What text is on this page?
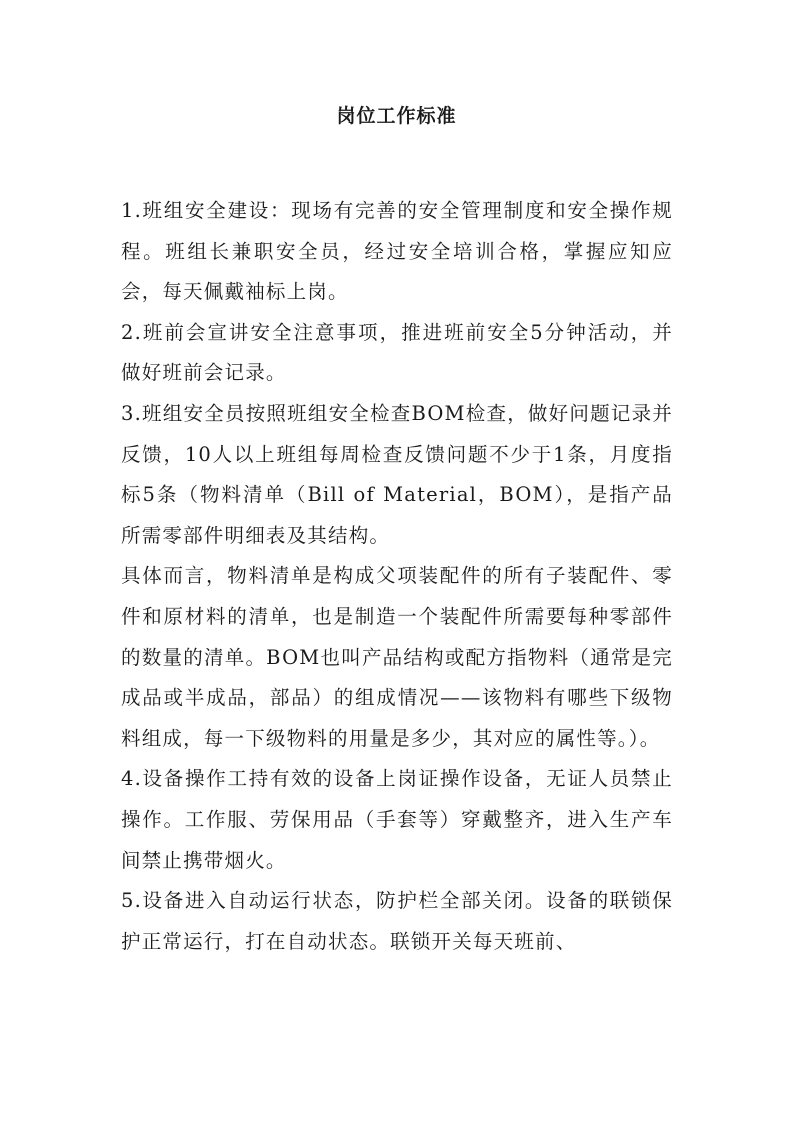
岗位工作标准

1.班组安全建设：现场有完善的安全管理制度和安全操作规程。班组长兼职安全员，经过安全培训合格，掌握应知应会，每天佩戴袖标上岗。

2.班前会宣讲安全注意事项，推进班前安全5分钟活动，并做好班前会记录。

3.班组安全员按照班组安全检查BOM检查，做好问题记录并反馈，10人以上班组每周检查反馈问题不少于1条，月度指标5条（物料清单（Bill of Material，BOM），是指产品所需零部件明细表及其结构。

具体而言，物料清单是构成父项装配件的所有子装配件、零件和原材料的清单，也是制造一个装配件所需要每种零部件的数量的清单。BOM也叫产品结构或配方指物料（通常是完成品或半成品，部品）的组成情况——该物料有哪些下级物料组成，每一下级物料的用量是多少，其对应的属性等。）。

4.设备操作工持有效的设备上岗证操作设备，无证人员禁止操作。工作服、劳保用品（手套等）穿戴整齐，进入生产车间禁止携带烟火。

5.设备进入自动运行状态，防护栏全部关闭。设备的联锁保护正常运行，打在自动状态。联锁开关每天班前、
